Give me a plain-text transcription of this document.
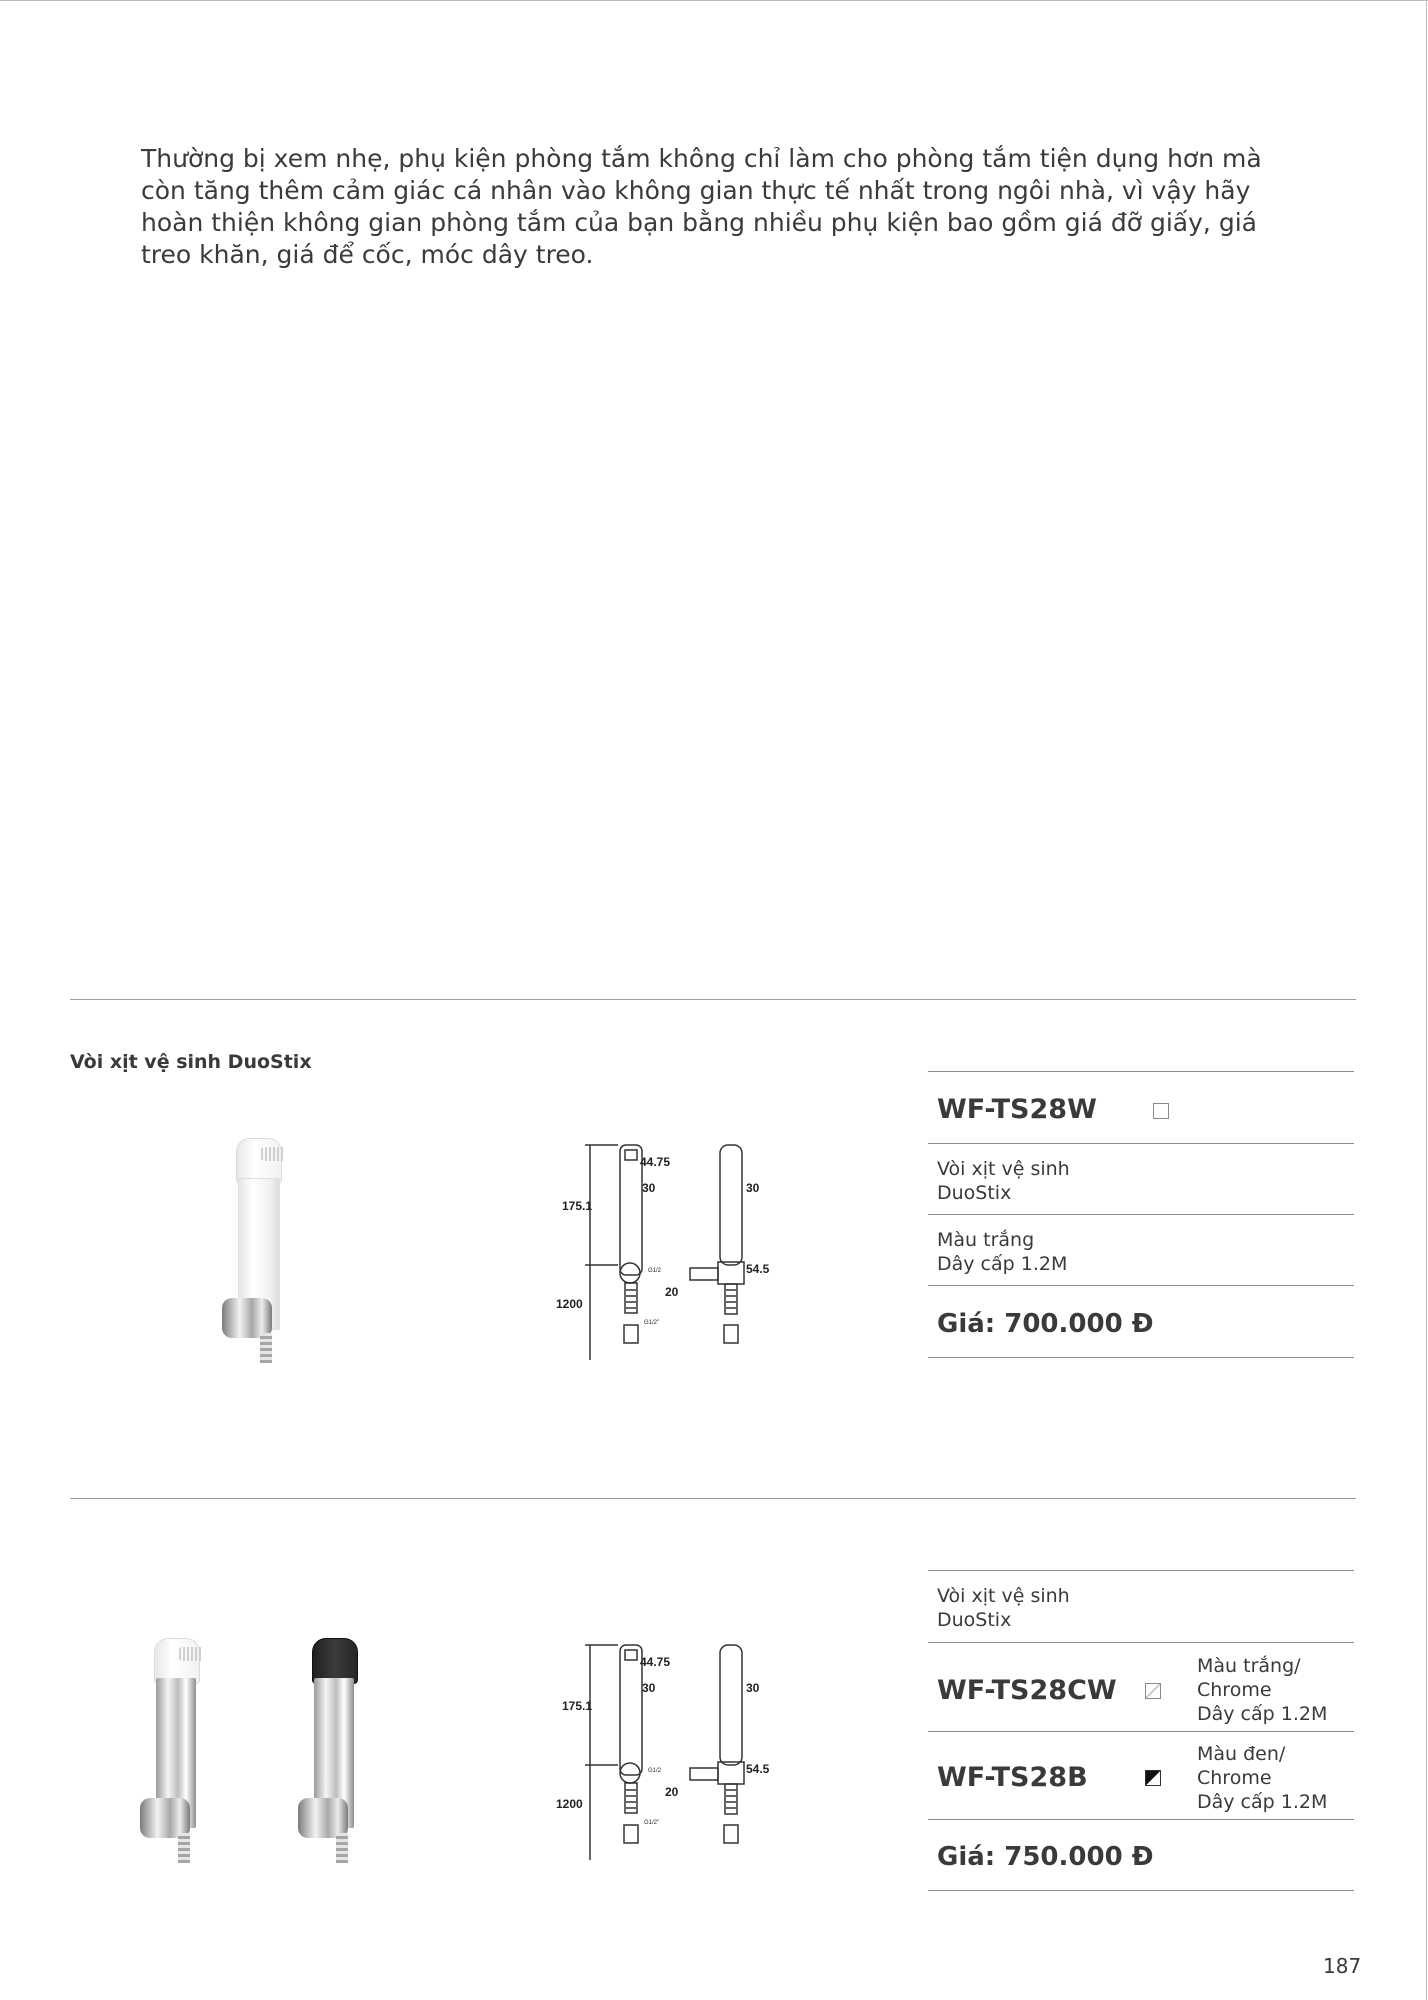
Thường bị xem nhẹ, phụ kiện phòng tắm không chỉ làm cho phòng tắm tiện dụng hơn mà còn tăng thêm cảm giác cá nhân vào không gian thực tế nhất trong ngôi nhà, vì vậy hãy hoàn thiện không gian phòng tắm của bạn bằng nhiều phụ kiện bao gồm giá đỡ giấy, giá treo khăn, giá để cốc, móc dây treo.

Vòi xịt vệ sinh DuoStix
44.75
30	30
175.1
54.5
20
1200
G1/2"
G1/2
WF-TS28W
Vòi xịt vệ sinh
DuoStix
Màu trắng
Dây cấp 1.2M
Giá: 700.000 Đ
44.75
30	30
175.1
54.5
20
1200
G1/2"
G1/2
Vòi xịt vệ sinh
DuoStix
WF-TS28CW
Màu trắng/
Chrome
Dây cấp 1.2M
WF-TS28B
Màu đen/
Chrome
Dây cấp 1.2M
Giá: 750.000 Đ
187
